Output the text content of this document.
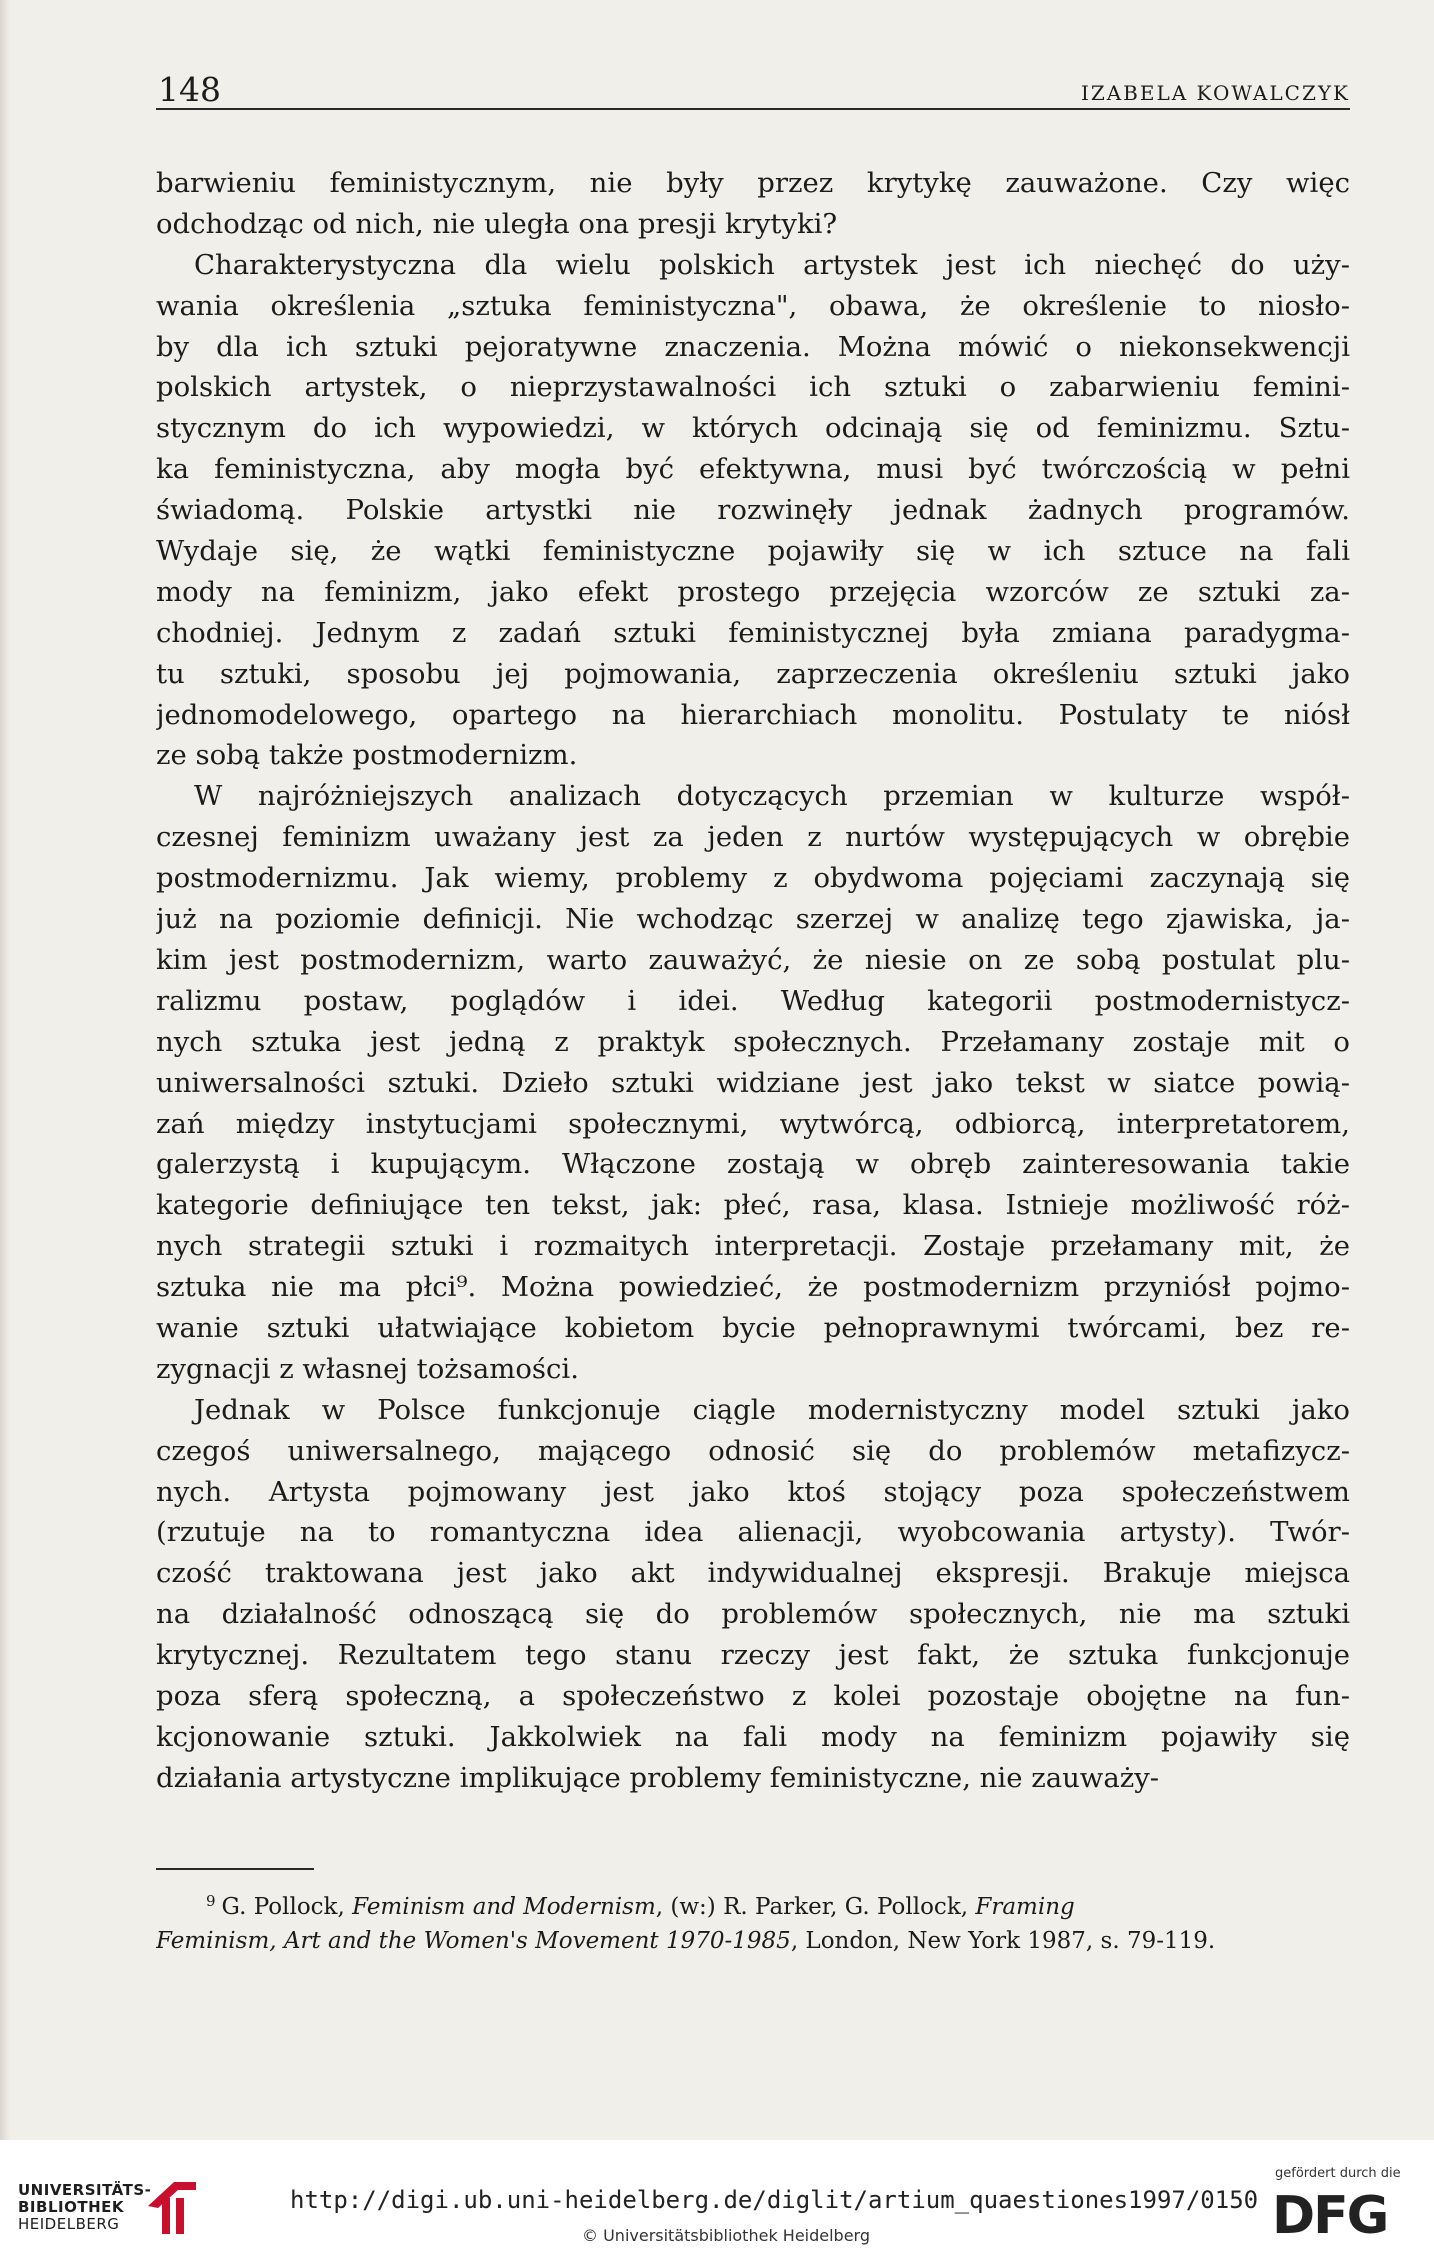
148	IZABELA KOWALCZYK
barwieniu feministycznym, nie były przez krytykę zauważone. Czy więc
odchodząc od nich, nie uległa ona presji krytyki?
Charakterystyczna dla wielu polskich artystek jest ich niechęć do uży-
wania określenia „sztuka feministyczna", obawa, że określenie to niosło-
by dla ich sztuki pejoratywne znaczenia. Można mówić o niekonsekwencji
polskich artystek, o nieprzystawalności ich sztuki o zabarwieniu femini-
stycznym do ich wypowiedzi, w których odcinają się od feminizmu. Sztu-
ka feministyczna, aby mogła być efektywna, musi być twórczością w pełni
świadomą. Polskie artystki nie rozwinęły jednak żadnych programów.
Wydaje się, że wątki feministyczne pojawiły się w ich sztuce na fali
mody na feminizm, jako efekt prostego przejęcia wzorców ze sztuki za-
chodniej. Jednym z zadań sztuki feministycznej była zmiana paradygma-
tu sztuki, sposobu jej pojmowania, zaprzeczenia określeniu sztuki jako
jednomodelowego, opartego na hierarchiach monolitu. Postulaty te niósł
ze sobą także postmodernizm.
W najróżniejszych analizach dotyczących przemian w kulturze współ-
czesnej feminizm uważany jest za jeden z nurtów występujących w obrębie
postmodernizmu. Jak wiemy, problemy z obydwoma pojęciami zaczynają się
już na poziomie definicji. Nie wchodząc szerzej w analizę tego zjawiska, ja-
kim jest postmodernizm, warto zauważyć, że niesie on ze sobą postulat plu-
ralizmu postaw, poglądów i idei. Według kategorii postmodernistycz-
nych sztuka jest jedną z praktyk społecznych. Przełamany zostaje mit o
uniwersalności sztuki. Dzieło sztuki widziane jest jako tekst w siatce powią-
zań między instytucjami społecznymi, wytwórcą, odbiorcą, interpretatorem,
galerzystą i kupującym. Włączone zostają w obręb zainteresowania takie
kategorie definiujące ten tekst, jak: płeć, rasa, klasa. Istnieje możliwość róż-
nych strategii sztuki i rozmaitych interpretacji. Zostaje przełamany mit, że
sztuka nie ma płci⁹. Można powiedzieć, że postmodernizm przyniósł pojmo-
wanie sztuki ułatwiające kobietom bycie pełnoprawnymi twórcami, bez re-
zygnacji z własnej tożsamości.
Jednak w Polsce funkcjonuje ciągle modernistyczny model sztuki jako
czegoś uniwersalnego, mającego odnosić się do problemów metafizycz-
nych. Artysta pojmowany jest jako ktoś stojący poza społeczeństwem
(rzutuje na to romantyczna idea alienacji, wyobcowania artysty). Twór-
czość traktowana jest jako akt indywidualnej ekspresji. Brakuje miejsca
na działalność odnoszącą się do problemów społecznych, nie ma sztuki
krytycznej. Rezultatem tego stanu rzeczy jest fakt, że sztuka funkcjonuje
poza sferą społeczną, a społeczeństwo z kolei pozostaje obojętne na fun-
kcjonowanie sztuki. Jakkolwiek na fali mody na feminizm pojawiły się
działania artystyczne implikujące problemy feministyczne, nie zauważy-
$^9$ G. Pollock, Feminism and Modernism, (w:) R. Parker, G. Pollock, Framing
Feminism, Art and the Women's Movement 1970-1985, London, New York 1987, s. 79-119.
UNIVERSITÄTS-
BIBLIOTHEK
HEIDELBERG
http://digi.ub.uni-heidelberg.de/diglit/artium_quaestiones1997/0150
© Universitätsbibliothek Heidelberg
gefördert durch die
DFG
